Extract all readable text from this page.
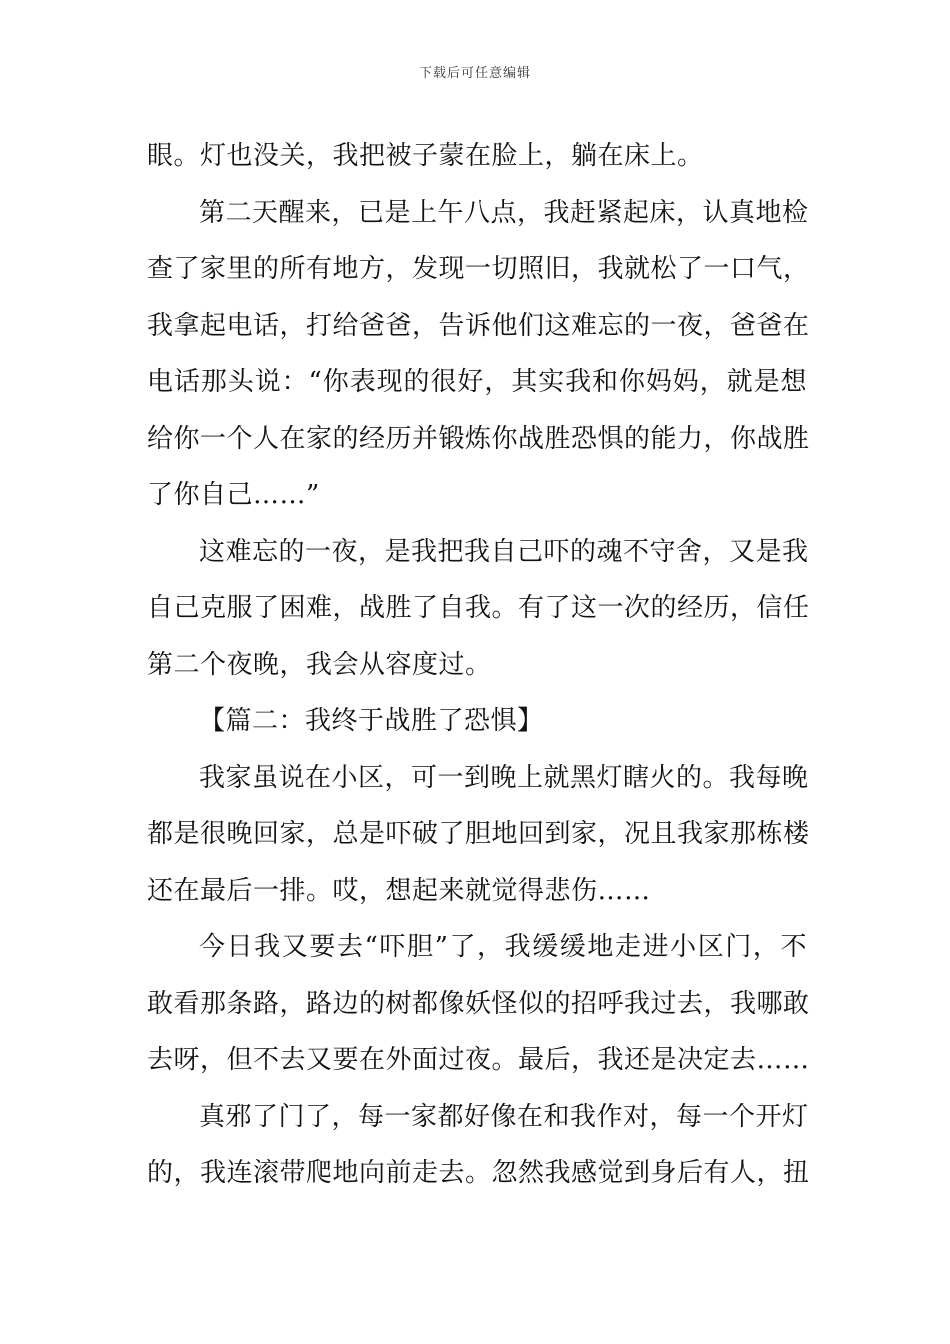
下载后可任意编辑
眼。灯也没关，我把被子蒙在脸上，躺在床上。
第二天醒来，已是上午八点，我赶紧起床，认真地检
查了家里的所有地方，发现一切照旧，我就松了一口气，
我拿起电话，打给爸爸，告诉他们这难忘的一夜，爸爸在
电话那头说：“你表现的很好，其实我和你妈妈，就是想
给你一个人在家的经历并锻炼你战胜恐惧的能力，你战胜
了你自己……”
这难忘的一夜，是我把我自己吓的魂不守舍，又是我
自己克服了困难，战胜了自我。有了这一次的经历，信任
第二个夜晚，我会从容度过。
【篇二：我终于战胜了恐惧】
我家虽说在小区，可一到晚上就黑灯瞎火的。我每晚
都是很晚回家，总是吓破了胆地回到家，况且我家那栋楼
还在最后一排。哎，想起来就觉得悲伤……
今日我又要去“吓胆”了，我缓缓地走进小区门，不
敢看那条路，路边的树都像妖怪似的招呼我过去，我哪敢
去呀，但不去又要在外面过夜。最后，我还是决定去……
真邪了门了，每一家都好像在和我作对，每一个开灯
的，我连滚带爬地向前走去。忽然我感觉到身后有人，扭
